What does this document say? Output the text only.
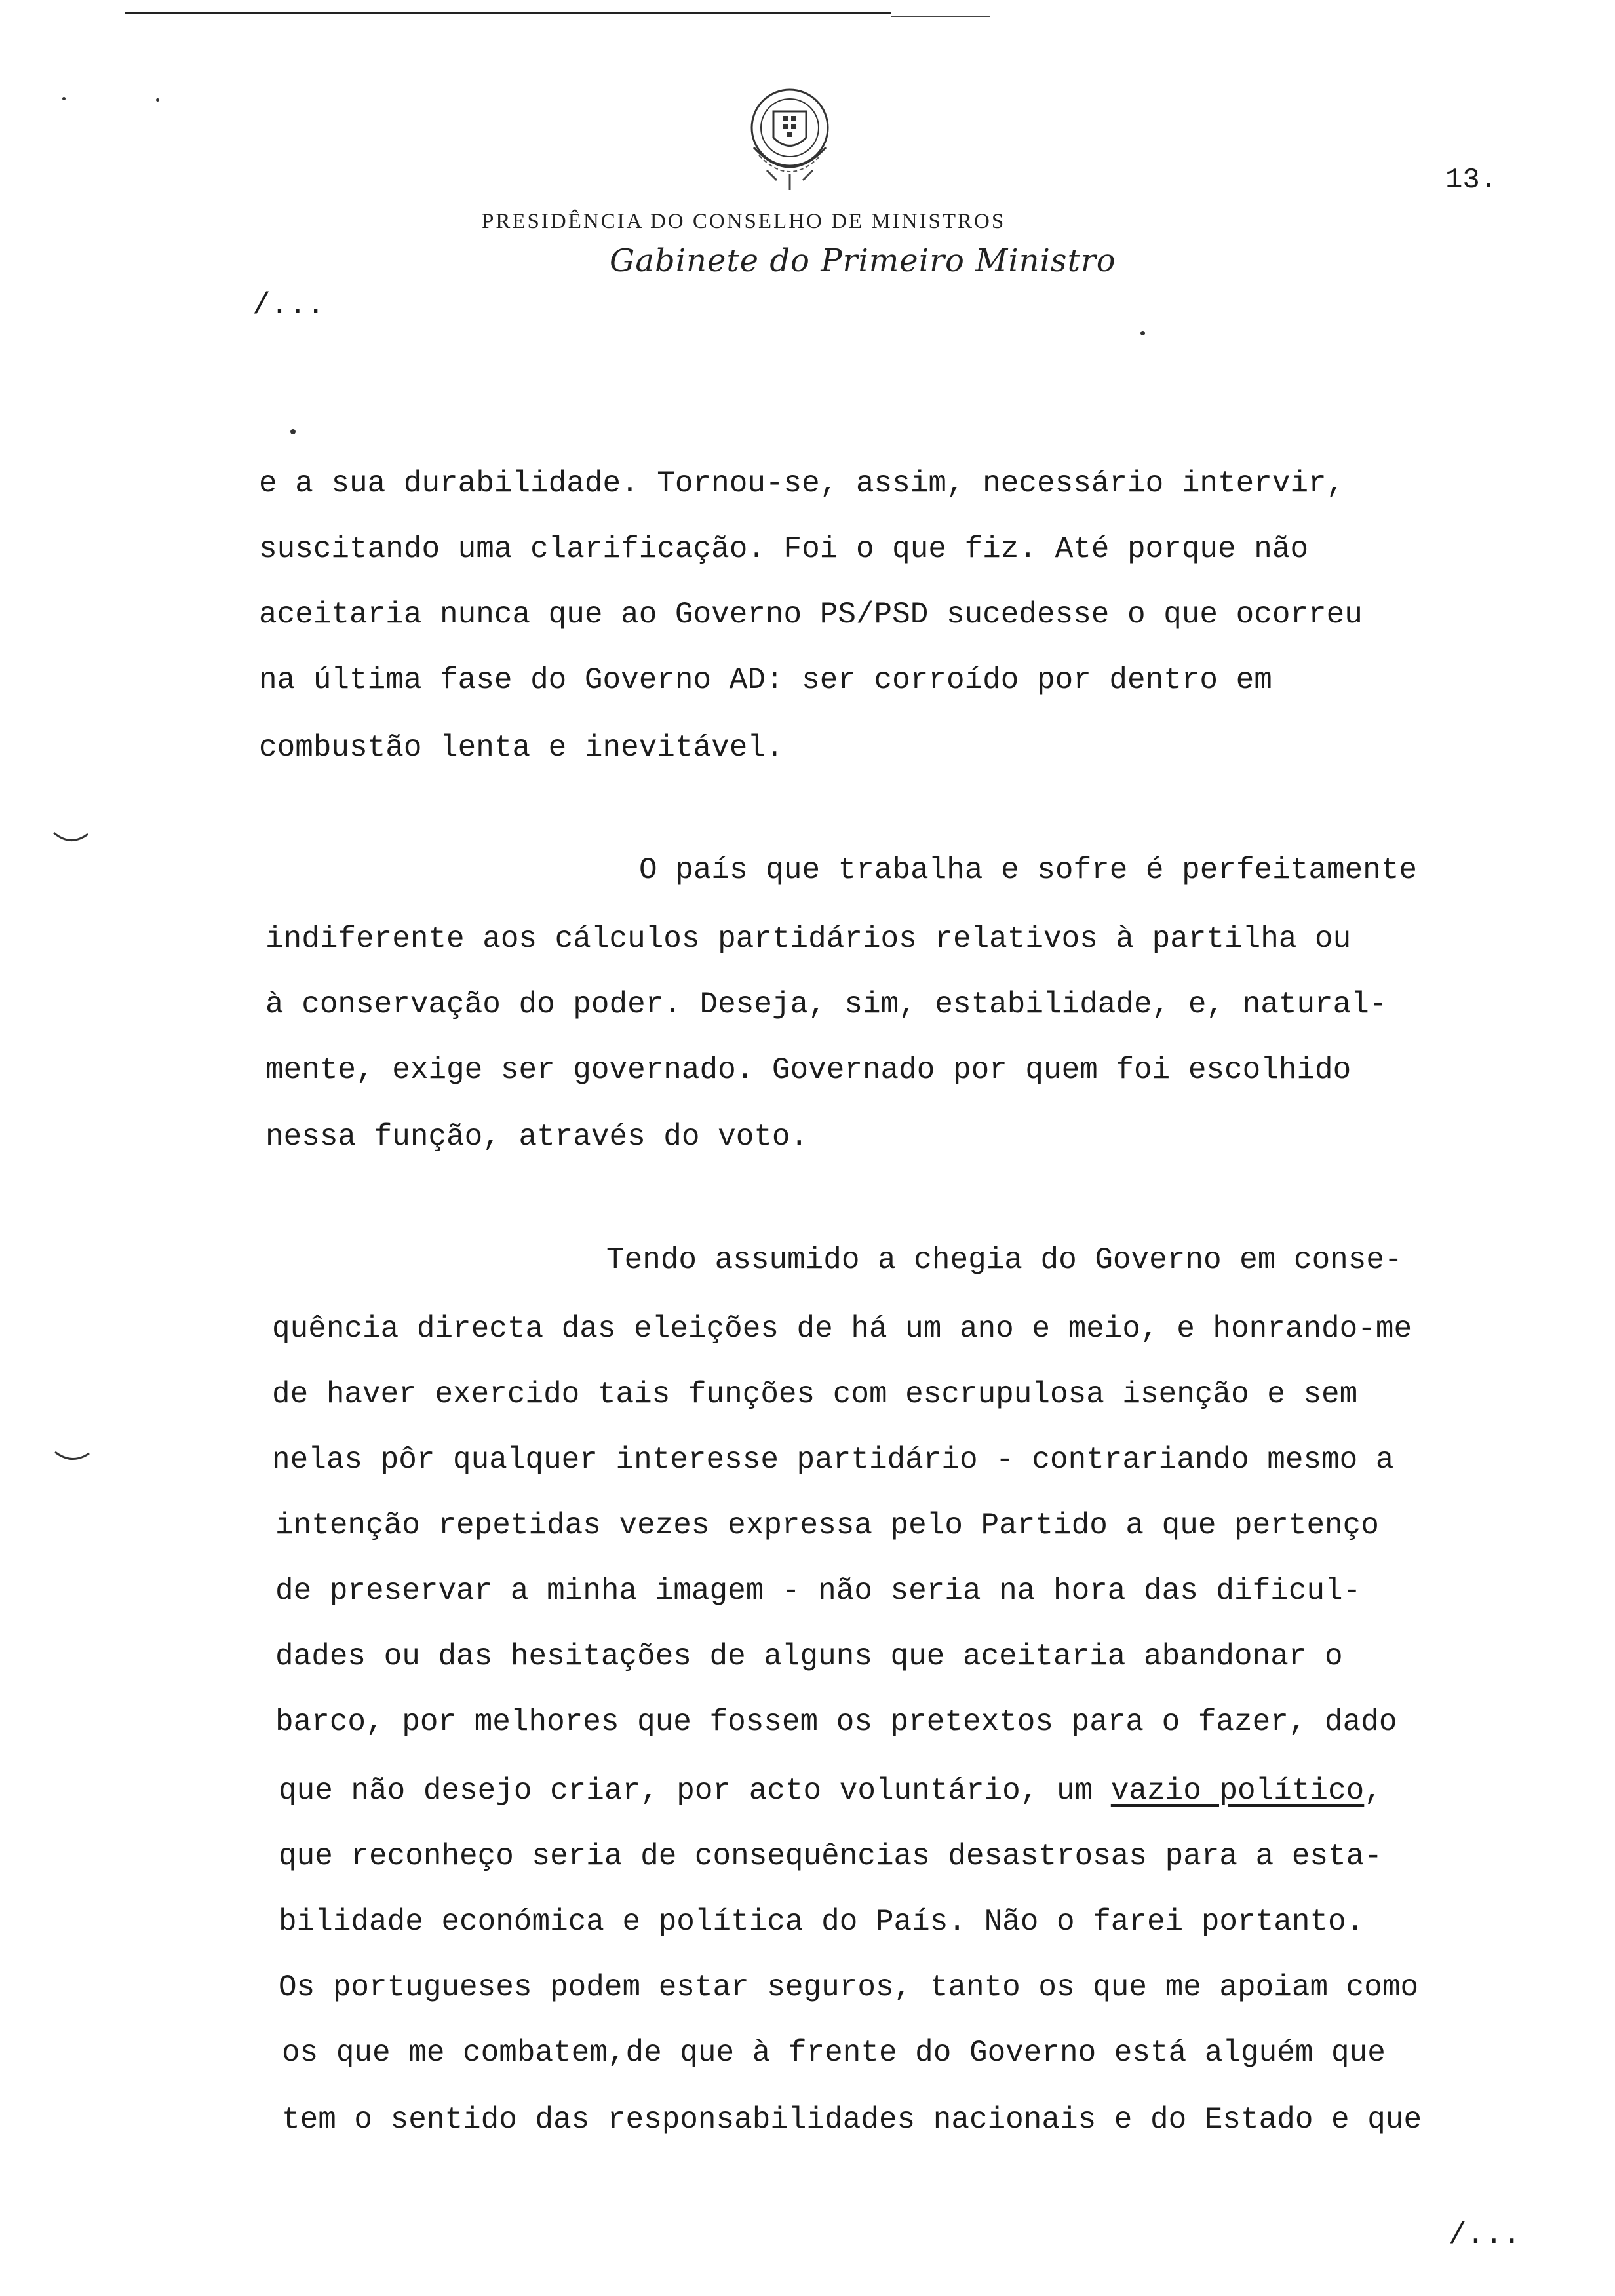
13.
PRESIDÊNCIA DO CONSELHO DE MINISTROS
Gabinete do Primeiro Ministro
/...
e a sua durabilidade. Tornou-se, assim, necessário intervir,
suscitando uma clarificação. Foi o que fiz. Até porque não
aceitaria nunca que ao Governo PS/PSD sucedesse o que ocorreu
na última fase do Governo AD: ser corroído por dentro em
combustão lenta e inevitável.
O país que trabalha e sofre é perfeitamente
indiferente aos cálculos partidários relativos à partilha ou
à conservação do poder. Deseja, sim, estabilidade, e, natural-
mente, exige ser governado. Governado por quem foi escolhido
nessa função, através do voto.
Tendo assumido a chegia do Governo em conse-
quência directa das eleições de há um ano e meio, e honrando-me
de haver exercido tais funções com escrupulosa isenção e sem
nelas pôr qualquer interesse partidário - contrariando mesmo a
intenção repetidas vezes expressa pelo Partido a que pertenço
de preservar a minha imagem - não seria na hora das dificul-
dades ou das hesitações de alguns que aceitaria abandonar o
barco, por melhores que fossem os pretextos para o fazer, dado
que não desejo criar, por acto voluntário, um vazio político,
que reconheço seria de consequências desastrosas para a esta-
bilidade económica e política do País. Não o farei portanto.
Os portugueses podem estar seguros, tanto os que me apoiam como
os que me combatem,de que à frente do Governo está alguém que
tem o sentido das responsabilidades nacionais e do Estado e que
/...
